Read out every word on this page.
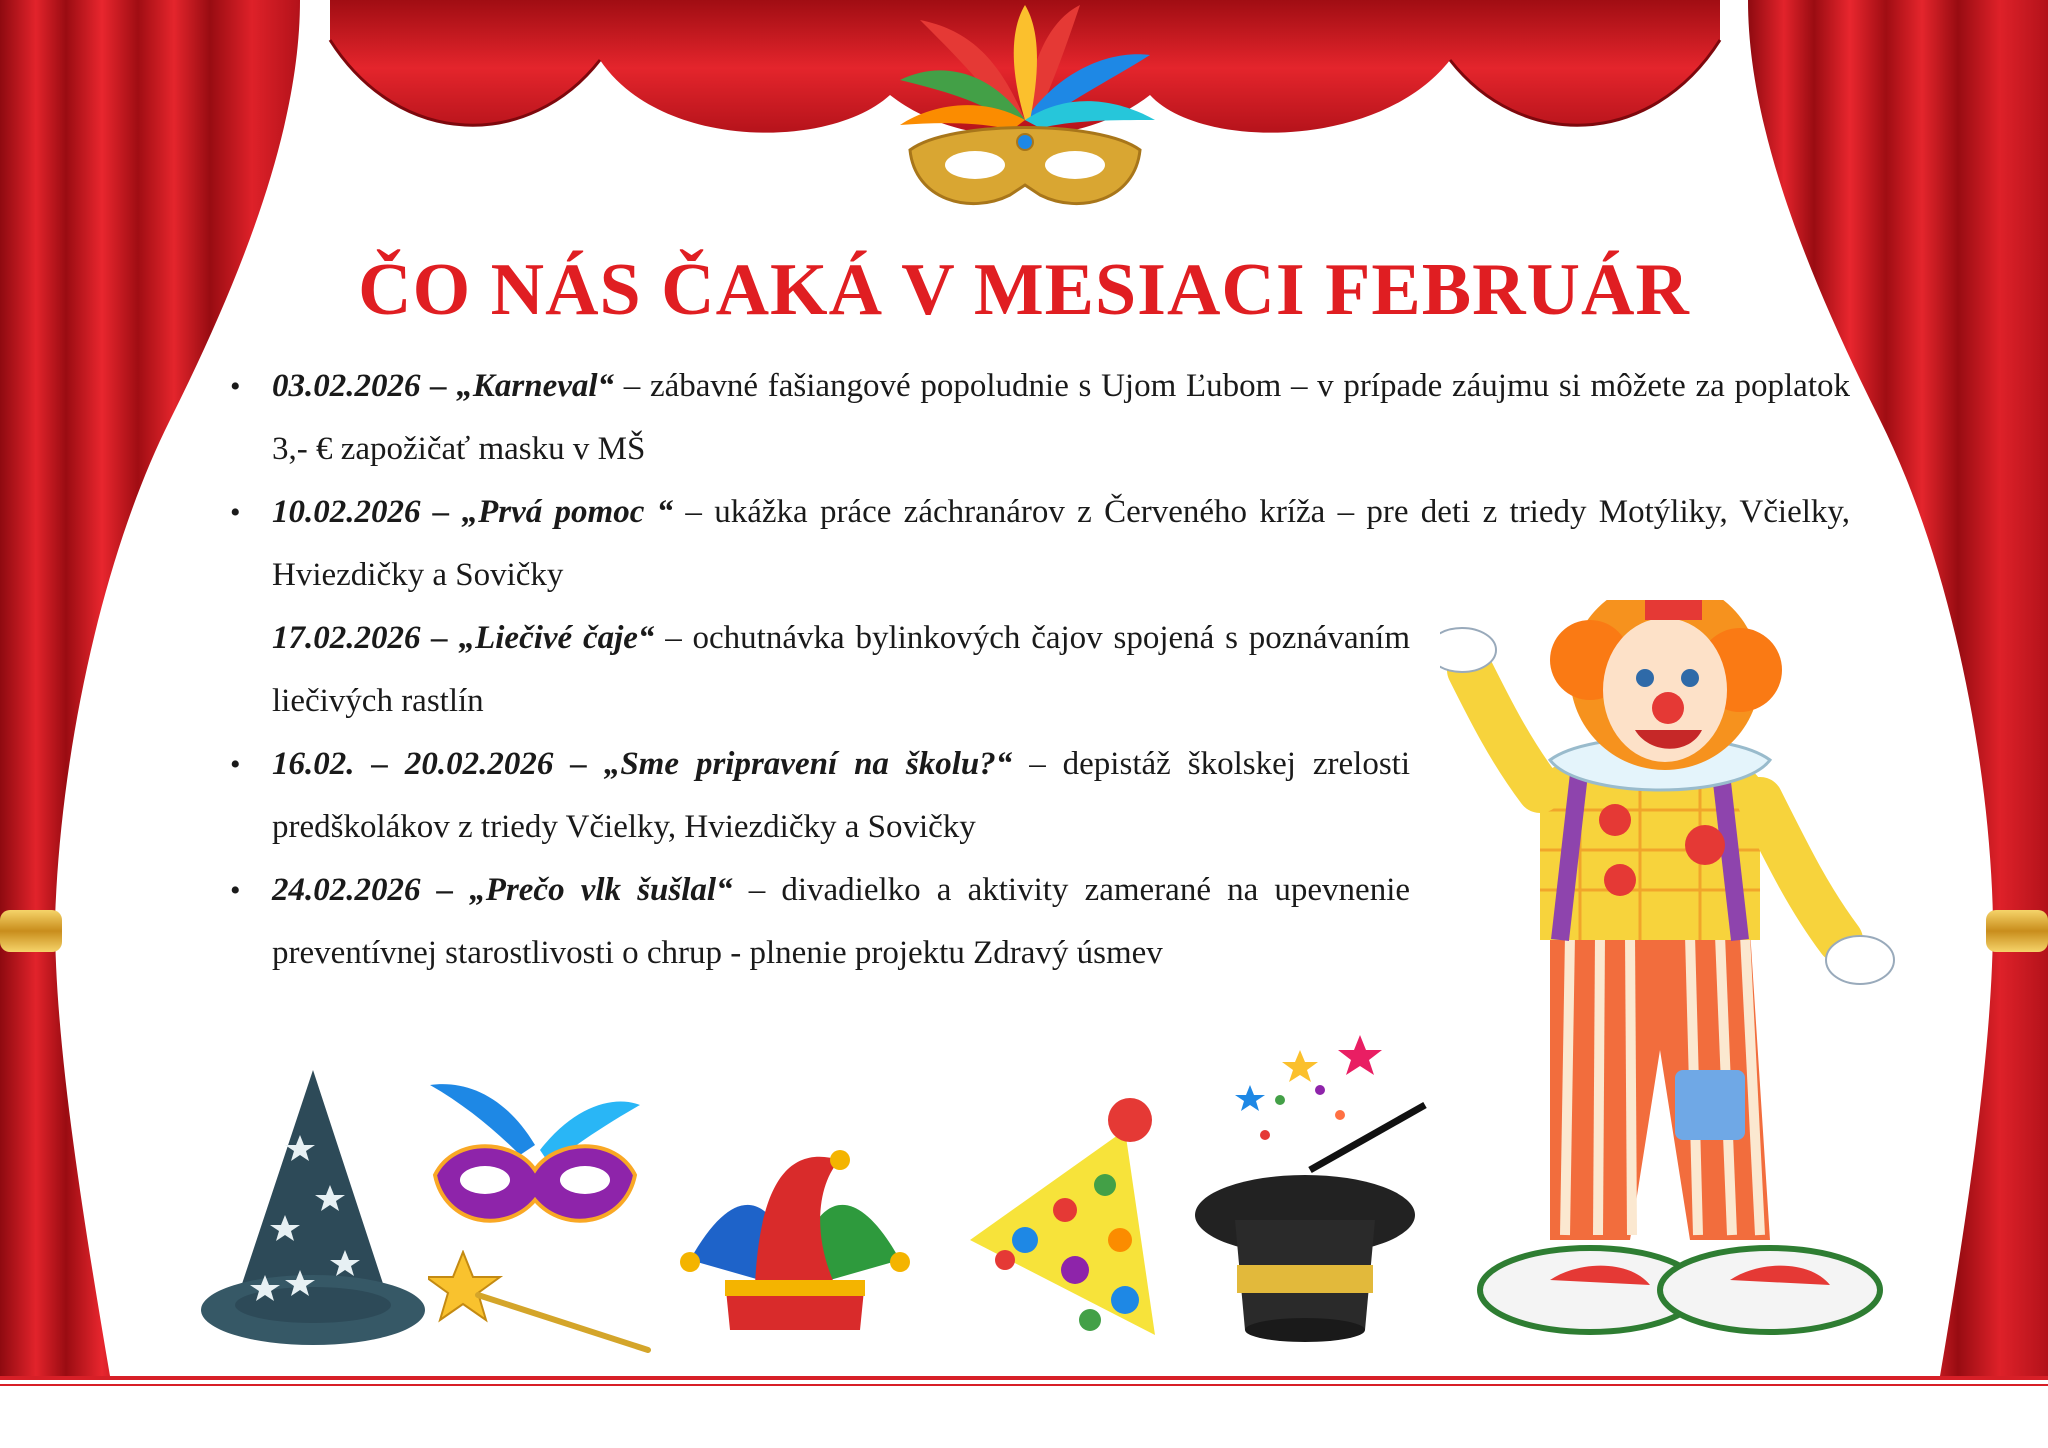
ČO NÁS ČAKÁ V MESIACI FEBRUÁR
• 03.02.2026 – „Karneval“ – zábavné fašiangové popoludnie s Ujom Ľubom – v prípade záujmu si môžete za poplatok 3,- € zapožičať masku v MŠ
• 10.02.2026 – „Prvá pomoc “ – ukážka práce záchranárov z Červeného kríža – pre deti z triedy Motýliky, Včielky, Hviezdičky a Sovičky
17.02.2026 – „Liečivé čaje“ – ochutnávka bylinkových čajov spojená s poznávaním liečivých rastlín
• 16.02. – 20.02.2026 – „Sme pripravení na školu?“ – depistáž školskej zrelosti predškolákov z triedy Včielky, Hviezdičky a Sovičky
• 24.02.2026 – „Prečo vlk šušlal“ – divadielko a aktivity zamerané na upevnenie preventívnej starostlivosti o chrup - plnenie projektu Zdravý úsmev
